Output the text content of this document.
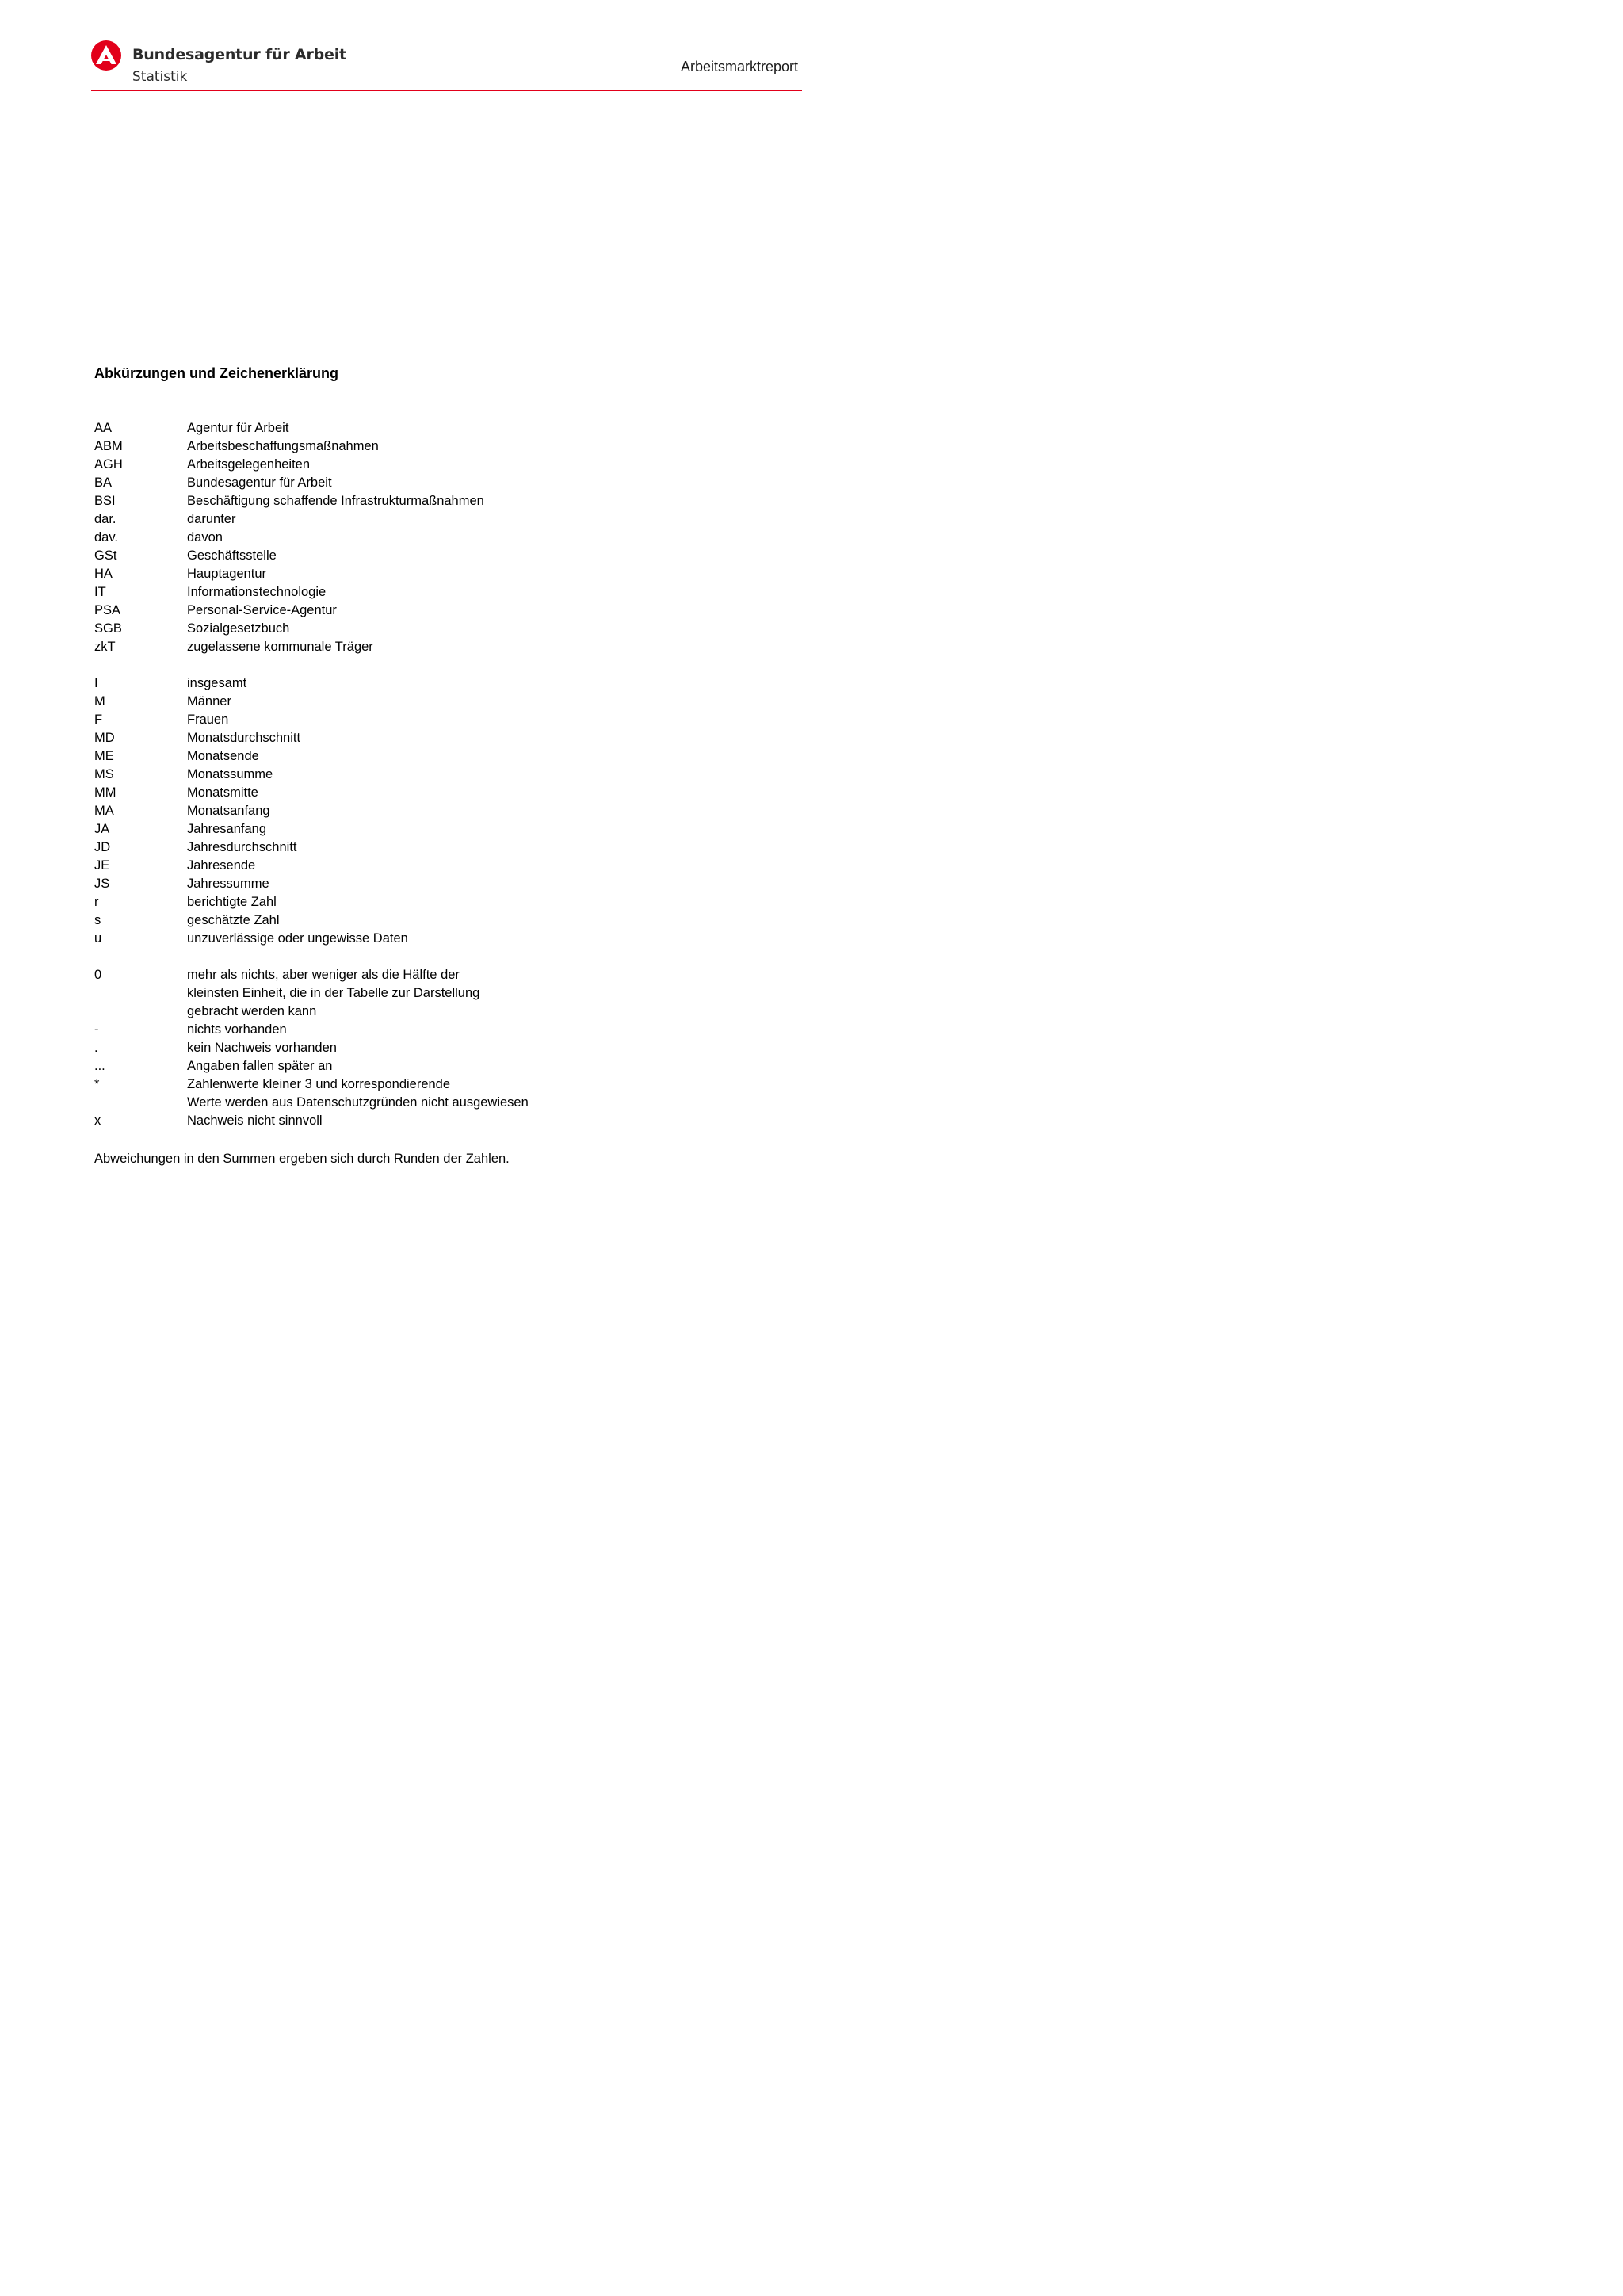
Bundesagentur für Arbeit
Statistik
Arbeitsmarktreport
Abkürzungen und Zeichenerklärung
AA	Agentur für Arbeit
ABM	Arbeitsbeschaffungsmaßnahmen
AGH	Arbeitsgelegenheiten
BA	Bundesagentur für Arbeit
BSI	Beschäftigung schaffende Infrastrukturmaßnahmen
dar.	darunter
dav.	davon
GSt	Geschäftsstelle
HA	Hauptagentur
IT	Informationstechnologie
PSA	Personal-Service-Agentur
SGB	Sozialgesetzbuch
zkT	zugelassene kommunale Träger
I	insgesamt
M	Männer
F	Frauen
MD	Monatsdurchschnitt
ME	Monatsende
MS	Monatssumme
MM	Monatsmitte
MA	Monatsanfang
JA	Jahresanfang
JD	Jahresdurchschnitt
JE	Jahresende
JS	Jahressumme
r	berichtigte Zahl
s	geschätzte Zahl
u	unzuverlässige oder ungewisse Daten
0	mehr als nichts, aber weniger als die Hälfte der
kleinsten Einheit, die in der Tabelle zur Darstellung
gebracht werden kann
-	nichts vorhanden
.	kein Nachweis vorhanden
...	Angaben fallen später an
*	Zahlenwerte kleiner 3 und korrespondierende
Werte werden aus Datenschutzgründen nicht ausgewiesen
x	Nachweis nicht sinnvoll
Abweichungen in den Summen ergeben sich durch Runden der Zahlen.
